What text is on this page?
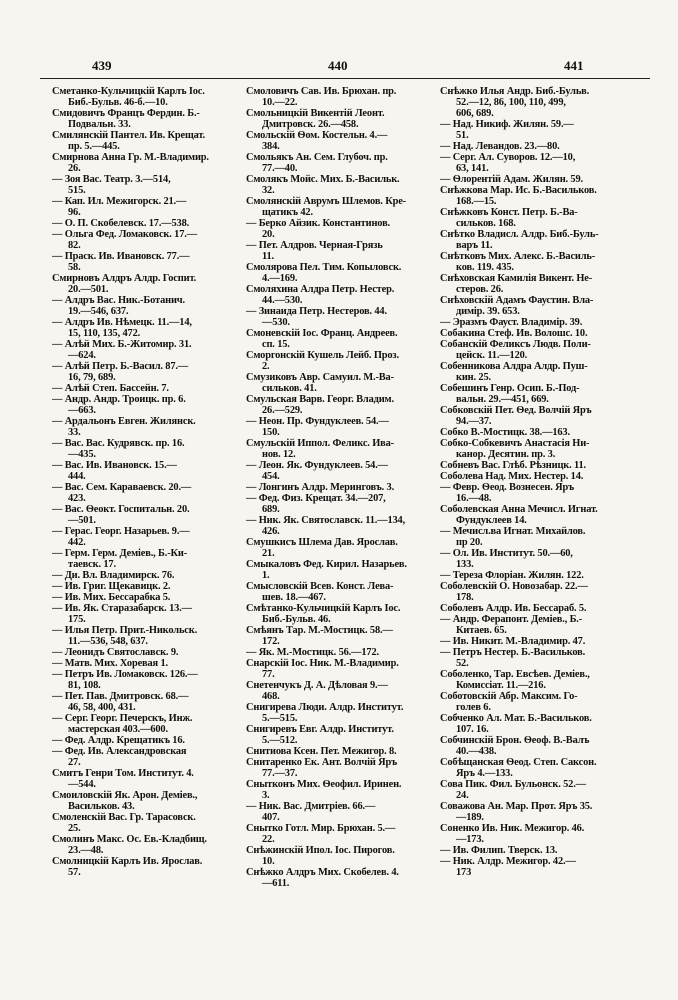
439	440	441

Сметанко-Кульчицкiй Карлъ Iос.
Биб.-Бульв. 46-б.—10.

Смидовичъ Францъ Фердин. Б.-
Подвальн. 33.

Смилянскiй Пантел. Ив. Крещат.
пр. 5.—445.

Смирнова Анна Гр. М.-Владимир.
26.

— Зоя Вас. Театр. 3.—514,
515.

— Кап. Ил. Межигорск. 21.—
96.

— О. П. Скобелевск. 17.—538.

— Ольга Фед. Ломаковск. 17.—
82.

— Праск. Ив. Ивановск. 77.—
58.

Смирновъ Алдръ Алдр. Госпит.
20.—501.

— Алдръ Вас. Ник.-Ботанич.
19.—546, 637.

— Алдръ Ив. Нѣмецк. 11.—14,
15, 110, 135, 472.

— Алѣй Мих. Б.-Житомир. 31.
—624.

— Алѣй Петр. Б.-Васил. 87.—
16, 79, 689.

— Алѣй Степ. Бассейн. 7.

— Андр. Андр. Троицк. пр. 6.
—663.

— Ардальонъ Евген. Жилянск.
33.

— Вас. Вас. Кудрявск. пр. 16.
—435.

— Вас. Ив. Ивановск. 15.—
444.

— Вас. Сем. Караваевск. 20.—
423.

— Вас. Ѳеокт. Госпитальн. 20.
—501.

— Герас. Георг. Назарьев. 9.—
442.

— Герм. Герм. Деміев., Б.-Ки-
таевск. 17.

— Ди. Вл. Владимирск. 76.

— Ив. Григ. Щекавицк. 2.

— Ив. Мих. Бессарабка 5.

— Ив. Як. Старазабарск. 13.—
175.

— Илья Петр. Прит.-Никольск.
11.—536, 548, 637.

— Леонидъ Святославск. 9.

— Матв. Мих. Хоревая 1.

— Петръ Ив. Ломаковск. 126.—
81, 108.

— Пет. Пав. Дмитровск. 68.—
46, 58, 400, 431.

— Серг. Георг. Печерскъ, Инж.
мастерская 403.—600.

— Фед. Алдр. Крещатикъ 16.

— Фед. Ив. Александровская
27.

Смитъ Генри Том. Институт. 4.
—544.

Смоиловскiй Як. Арон. Деміев.,
Васильков. 43.

Смоленскiй Вас. Гр. Тарасовск.
25.

Смолинъ Макс. Ос. Ев.-Кладбищ.
23.—48.

Смолницкiй Карлъ Ив. Ярослав.
57.

Смоловичъ Сав. Ив. Брюхан. пр.
10.—22.

Смольницкiй Викентiй Леонт.
Дмитровск. 26.—458.

Смольскiй Ѳом. Костельн. 4.—
384.

Смольякъ Ан. Сем. Глубоч. пр.
77.—40.

Смолякъ Мойс. Мих. Б.-Васильк.
32.

Смолянскiй Аврумъ Шлемов. Кре-
щатикъ 42.

— Берко Айзик. Константинов.
20.

— Пет. Алдров. Черная-Грязь
11.

Смолярова Пел. Тим. Копыловск.
4.—169.

Смоляхина Алдра Петр. Нестер.
44.—530.

— Зинаида Петр. Нестеров. 44.
—530.

Смоневскiй Iос. Франц. Андреев.
сп. 15.

Сморгонскiй Кушель Лейб. Проз.
2.

Смузиковъ Авр. Самуил. М.-Ва-
сильков. 41.

Смульская Варв. Георг. Владим.
26.—529.

— Неон. Пр. Фундуклеев. 54.—
150.

Смульскiй Иппол. Феликс. Ива-
нов. 12.

— Леон. Як. Фундуклеев. 54.—
454.

— Лонгинъ Алдр. Меринговъ. 3.

— Фед. Физ. Крещат. 34.—207,
689.

— Ник. Як. Святославск. 11.—134,
426.

Смушкисъ Шлема Дав. Ярослав.
21.

Смыкаловъ Фед. Кирил. Назарьев.
1.

Смысловскiй Всев. Конст. Лева-
шев. 18.—467.

Смѣтанко-Кульчицкiй Карлъ Iос.
Биб.-Бульв. 46.

Смѣянъ Тар. М.-Мостицк. 58.—
172.

— Як. М.-Мостицк. 56.—172.

Снарскiй Iос. Ник. М.-Владимир.
77.

Снетенчукъ Д. А. Дѣловая 9.—
468.

Снигирева Люди. Алдр. Институт.
5.—515.

Снигиревъ Евг. Алдр. Институт.
5.—512.

Снитиова Ксен. Пет. Межигор. 8.

Снитаренко Ек. Ант. Волчiй Яръ
77.—37.

Снытконъ Мих. Ѳеофил. Иринен.
3.

— Ник. Вас. Дмитрiев. 66.—
407.

Снытко Готл. Мир. Брюхан. 5.—
22.

Снѣжинскiй Ипол. Iос. Пирогов.
10.

Снѣжко Алдръ Мих. Скобелев. 4.
—611.

Снѣжко Илья Андр. Биб.-Бульв.
52.—12, 86, 100, 110, 499,
606, 689.

— Над. Никиф. Жилян. 59.—
51.

— Над. Левандов. 23.—80.

— Серг. Ал. Суворов. 12.—10,
63, 141.

— Ѳлорентiй Адам. Жилян. 59.

Снѣжкова Мар. Ис. Б.-Васильков.
168.—15.

Снѣжковъ Конст. Петр. Б.-Ва-
сильков. 168.

Снѣтко Владисл. Алдр. Биб.-Буль-
варъ 11.

Снѣтковъ Мих. Алекс. Б.-Василь-
ков. 119. 435.

Снѣховская Камилiя Викент. Не-
стеров. 26.

Снѣховскiй Адамъ Фаустин. Вла-
димiр. 39. 653.

— Эразмъ Фауст. Владимiр. 39.

Собакина Стеф. Ив. Волошс. 10.

Собанскiй Феликсъ Людв. Поли-
цейск. 11.—120.

Собенникова Алдра Алдр. Пуш-
кин. 25.

Собешинъ Генр. Осип. Б.-Под-
вальн. 29.—451, 669.

Собковскiй Пет. Ѳед. Волчiй Яръ
94.—37.

Собко В.-Мостицк. 38.—163.

Собко-Собкевичъ Анастасiя Ни-
канор. Десятин. пр. 3.

Собневъ Вас. Глѣб. Рѣзницк. 11.

Соболева Над. Мих. Нестер. 14.

— Февр. Ѳеод. Вознесен. Яръ
16.—48.

Соболевская Анна Мечисл. Игнат.
Фундуклеев 14.

— Мечисл.ва Игнат. Михайлов.
пр 20.

— Ол. Ив. Институт. 50.—60,
133.

— Тереза Флорiан. Жилян. 122.

Соболевскiй О. Новозабар. 22.—
178.

Соболевъ Алдр. Ив. Бессараб. 5.

— Андр. Ферапонт. Деміев., Б.-
Китаев. 65.

— Ив. Никит. М.-Владимир. 47.

— Петръ Нестер. Б.-Васильков.
52.

Соболенко, Тар. Евсѣев. Деміев.,
Комиссiат. 11.—216.

Соботовскiй Абр. Максим. Го-
голев 6.

Собченко Ал. Мат. Б.-Васильков.
107. 16.

Собчинскiй Брон. Ѳеоф. В.-Валъ
40.—438.

Собѣщанская Ѳеод. Степ. Саксон.
Яръ 4.—133.

Сова Пик. Фил. Бульонск. 52.—
24.

Соважова Ан. Мар. Прот. Яръ 35.
—189.

Соненко Ив. Ник. Межигор. 46.
—173.

— Ив. Филип. Тверск. 13.

— Ник. Алдр. Межигор. 42.—
173
